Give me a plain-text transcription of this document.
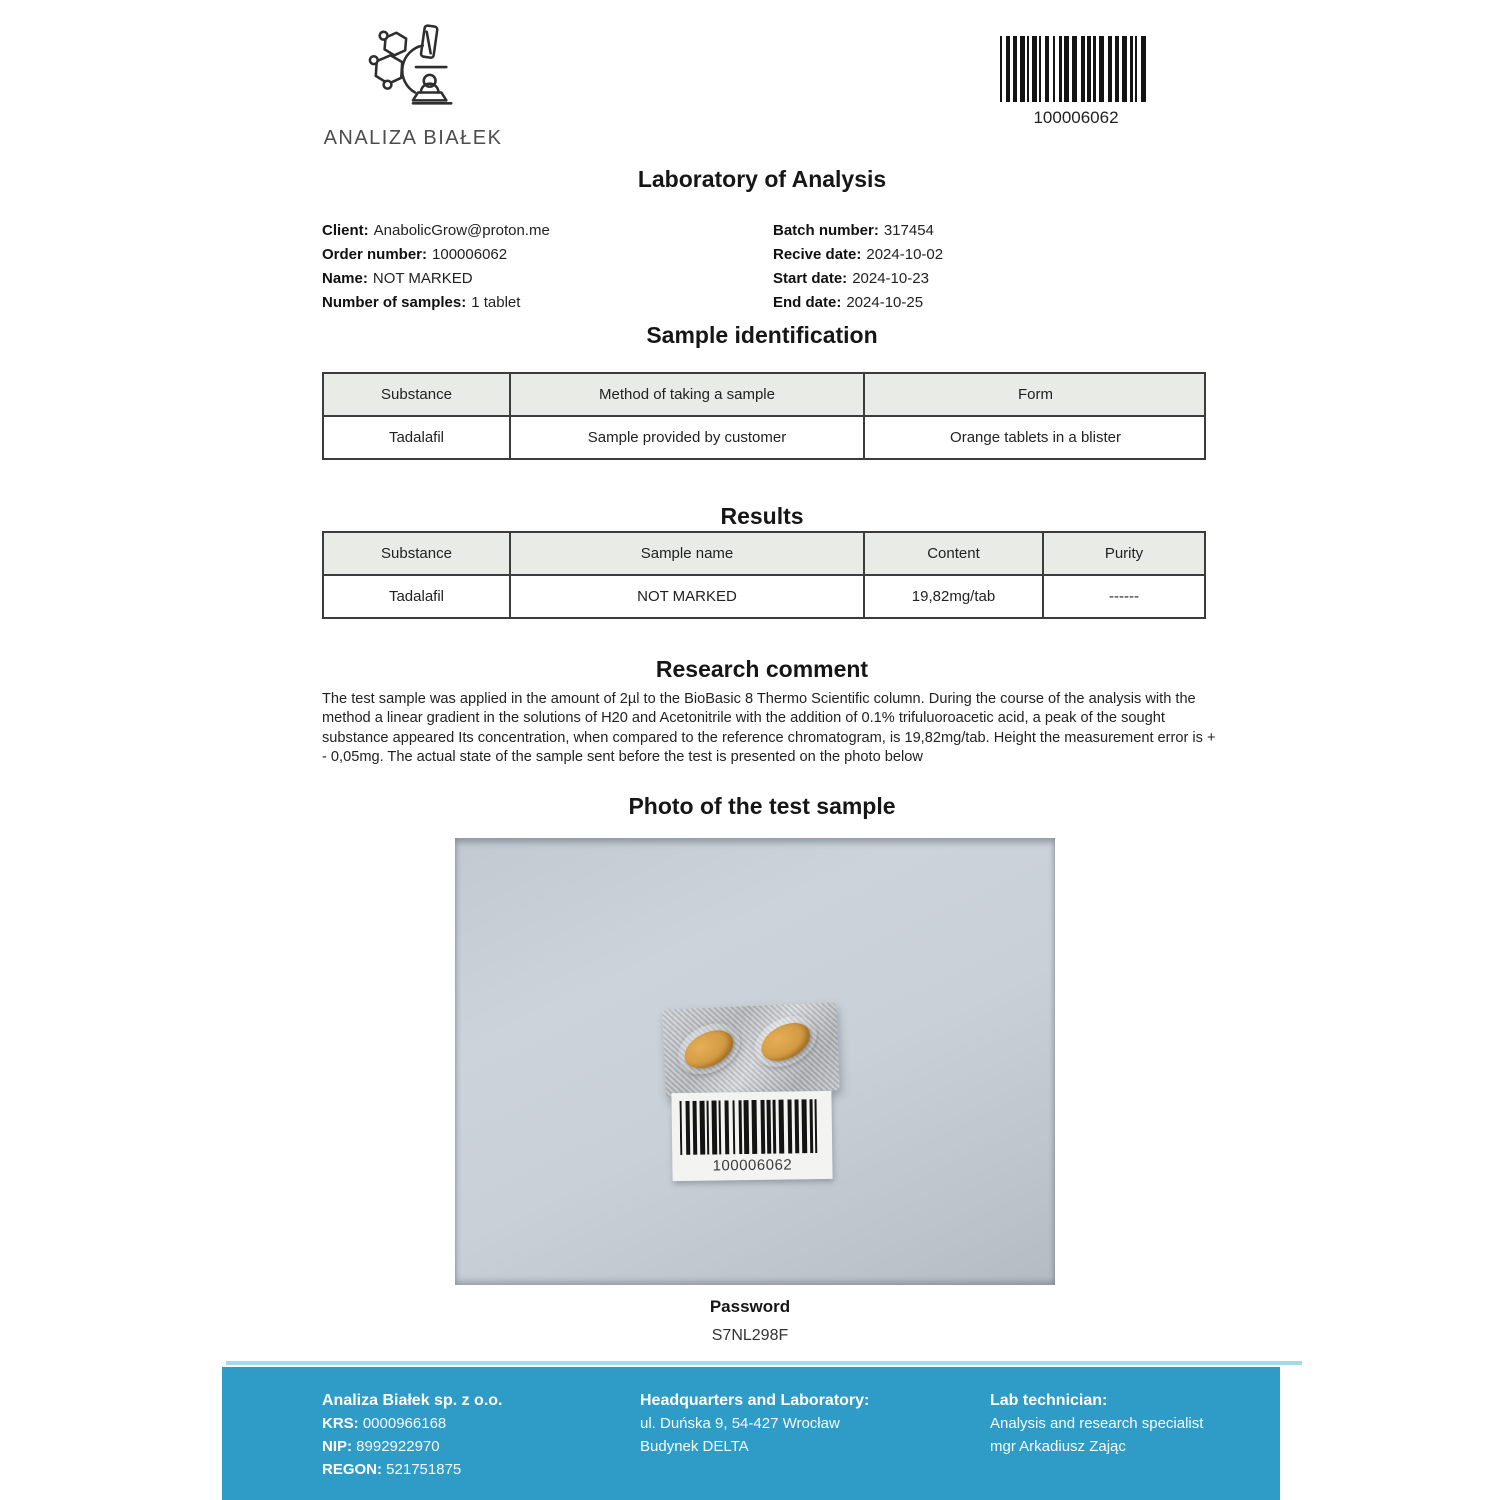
ANALIZA BIAŁEK
100006062
Laboratory of Analysis
Client: AnabolicGrow@proton.me
Order number: 100006062
Name: NOT MARKED
Number of samples: 1 tablet
Batch number: 317454
Recive date: 2024-10-02
Start date: 2024-10-23
End date: 2024-10-25
Sample identification
Substance	Method of taking a sample	Form
Tadalafil	Sample provided by customer	Orange tablets in a blister
Results
Substance	Sample name	Content	Purity
Tadalafil	NOT MARKED	19,82mg/tab	------
Research comment
The test sample was applied in the amount of 2µl to the BioBasic 8 Thermo Scientific column. During the course of the analysis with the method a linear gradient in the solutions of H20 and Acetonitrile with the addition of 0.1% trifuluoroacetic acid, a peak of the sought substance appeared Its concentration, when compared to the reference chromatogram, is 19,82mg/tab. Height the measurement error is + - 0,05mg. The actual state of the sample sent before the test is presented on the photo below
Photo of the test sample
100006062
Password
S7NL298F
Analiza Białek sp. z o.o.
KRS: 0000966168
NIP: 8992922970
REGON: 521751875
Headquarters and Laboratory:
ul. Duńska 9, 54-427 Wrocław
Budynek DELTA
Lab technician:
Analysis and research specialist
mgr Arkadiusz Zając
